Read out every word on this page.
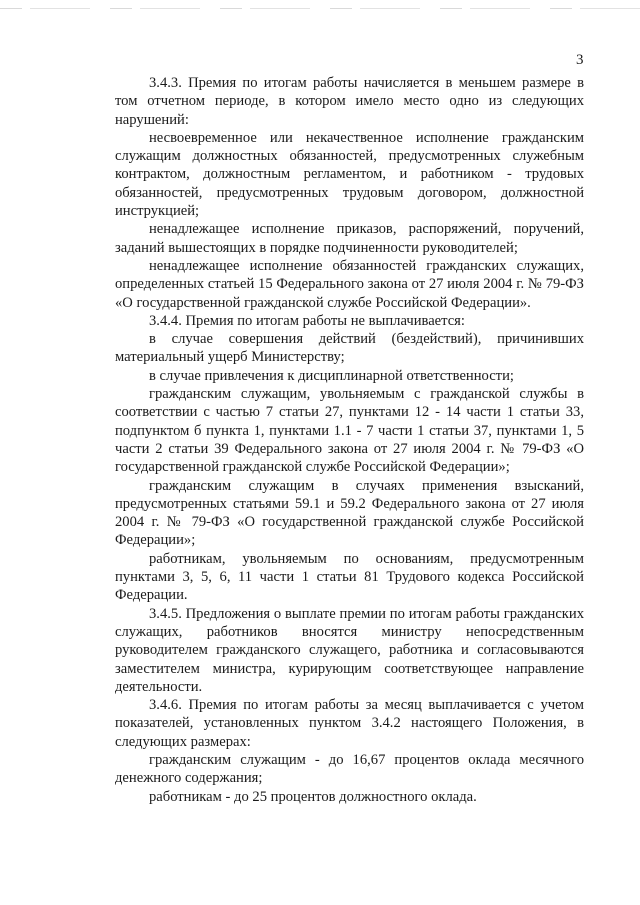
3

3.4.3. Премия по итогам работы начисляется в меньшем размере в том отчетном периоде, в котором имело место одно из следующих нарушений:

несвоевременное или некачественное исполнение гражданским служащим должностных обязанностей, предусмотренных служебным контрактом, должностным регламентом, и работником - трудовых обязанностей, предусмотренных трудовым договором, должностной инструкцией;

ненадлежащее исполнение приказов, распоряжений, поручений, заданий вышестоящих в порядке подчиненности руководителей;

ненадлежащее исполнение обязанностей гражданских служащих, определенных статьей 15 Федерального закона от 27 июля 2004 г. № 79-ФЗ «О государственной гражданской службе Российской Федерации».

3.4.4. Премия по итогам работы не выплачивается:

в случае совершения действий (бездействий), причинивших материальный ущерб Министерству;

в случае привлечения к дисциплинарной ответственности;

гражданским служащим, увольняемым с гражданской службы в соответствии с частью 7 статьи 27, пунктами 12 - 14 части 1 статьи 33, подпунктом б пункта 1, пунктами 1.1 - 7 части 1 статьи 37, пунктами 1, 5 части 2 статьи 39 Федерального закона от 27 июля 2004 г. № 79-ФЗ «О государственной гражданской службе Российской Федерации»;

гражданским служащим в случаях применения взысканий, предусмотренных статьями 59.1 и 59.2 Федерального закона от 27 июля 2004 г. № 79-ФЗ «О государственной гражданской службе Российской Федерации»;

работникам, увольняемым по основаниям, предусмотренным пунктами 3, 5, 6, 11 части 1 статьи 81 Трудового кодекса Российской Федерации.

3.4.5. Предложения о выплате премии по итогам работы гражданских служащих, работников вносятся министру непосредственным руководителем гражданского служащего, работника и согласовываются заместителем министра, курирующим соответствующее направление деятельности.

3.4.6. Премия по итогам работы за месяц выплачивается с учетом показателей, установленных пунктом 3.4.2 настоящего Положения, в следующих размерах:

гражданским служащим - до 16,67 процентов оклада месячного денежного содержания;

работникам - до 25 процентов должностного оклада.
